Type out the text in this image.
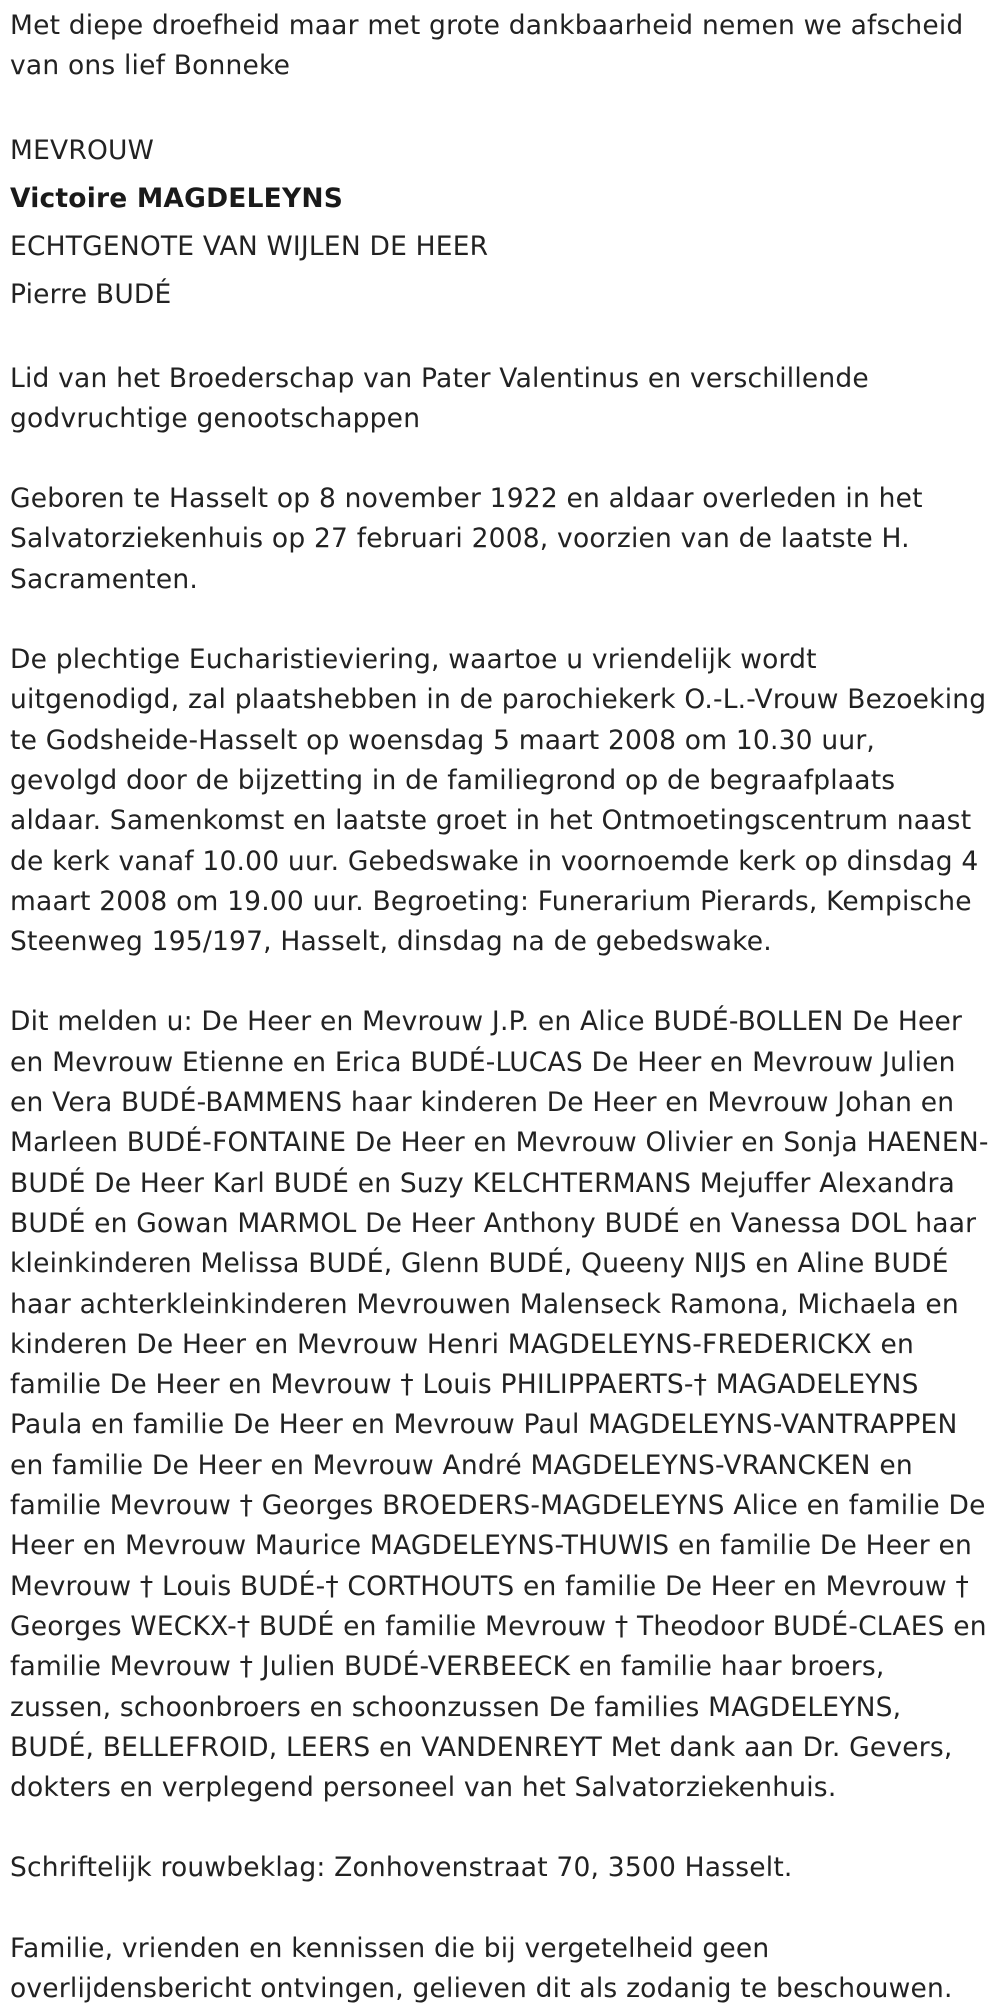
Met diepe droefheid maar met grote dankbaarheid nemen we afscheid van ons lief Bonneke

MEVROUW

Victoire MAGDELEYNS

ECHTGENOTE VAN WIJLEN DE HEER

Pierre BUDÉ

Lid van het Broederschap van Pater Valentinus en verschillende godvruchtige genootschappen

Geboren te Hasselt op 8 november 1922 en aldaar overleden in het Salvatorziekenhuis op 27 februari 2008, voorzien van de laatste H. Sacramenten.

De plechtige Eucharistieviering, waartoe u vriendelijk wordt uitgenodigd, zal plaatshebben in de parochiekerk O.-L.-Vrouw Bezoeking te Godsheide-Hasselt op woensdag 5 maart 2008 om 10.30 uur, gevolgd door de bijzetting in de familiegrond op de begraafplaats aldaar. Samenkomst en laatste groet in het Ontmoetingscentrum naast de kerk vanaf 10.00 uur. Gebedswake in voornoemde kerk op dinsdag 4 maart 2008 om 19.00 uur. Begroeting: Funerarium Pierards, Kempische Steenweg 195/197, Hasselt, dinsdag na de gebedswake.

Dit melden u: De Heer en Mevrouw J.P. en Alice BUDÉ-BOLLEN De Heer en Mevrouw Etienne en Erica BUDÉ-LUCAS De Heer en Mevrouw Julien en Vera BUDÉ-BAMMENS haar kinderen De Heer en Mevrouw Johan en Marleen BUDÉ-FONTAINE De Heer en Mevrouw Olivier en Sonja HAENEN-BUDÉ De Heer Karl BUDÉ en Suzy KELCHTERMANS Mejuffer Alexandra BUDÉ en Gowan MARMOL De Heer Anthony BUDÉ en Vanessa DOL haar kleinkinderen Melissa BUDÉ, Glenn BUDÉ, Queeny NIJS en Aline BUDÉ haar achterkleinkinderen Mevrouwen Malenseck Ramona, Michaela en kinderen De Heer en Mevrouw Henri MAGDELEYNS-FREDERICKX en familie De Heer en Mevrouw † Louis PHILIPPAERTS-† MAGADELEYNS Paula en familie De Heer en Mevrouw Paul MAGDELEYNS-VANTRAPPEN en familie De Heer en Mevrouw André MAGDELEYNS-VRANCKEN en familie Mevrouw † Georges BROEDERS-MAGDELEYNS Alice en familie De Heer en Mevrouw Maurice MAGDELEYNS-THUWIS en familie De Heer en Mevrouw † Louis BUDÉ-† CORTHOUTS en familie De Heer en Mevrouw † Georges WECKX-† BUDÉ en familie Mevrouw † Theodoor BUDÉ-CLAES en familie Mevrouw † Julien BUDÉ-VERBEECK en familie haar broers, zussen, schoonbroers en schoonzussen De families MAGDELEYNS, BUDÉ, BELLEFROID, LEERS en VANDENREYT Met dank aan Dr. Gevers, dokters en verplegend personeel van het Salvatorziekenhuis.

Schriftelijk rouwbeklag: Zonhovenstraat 70, 3500 Hasselt.

Familie, vrienden en kennissen die bij vergetelheid geen overlijdensbericht ontvingen, gelieven dit als zodanig te beschouwen.
